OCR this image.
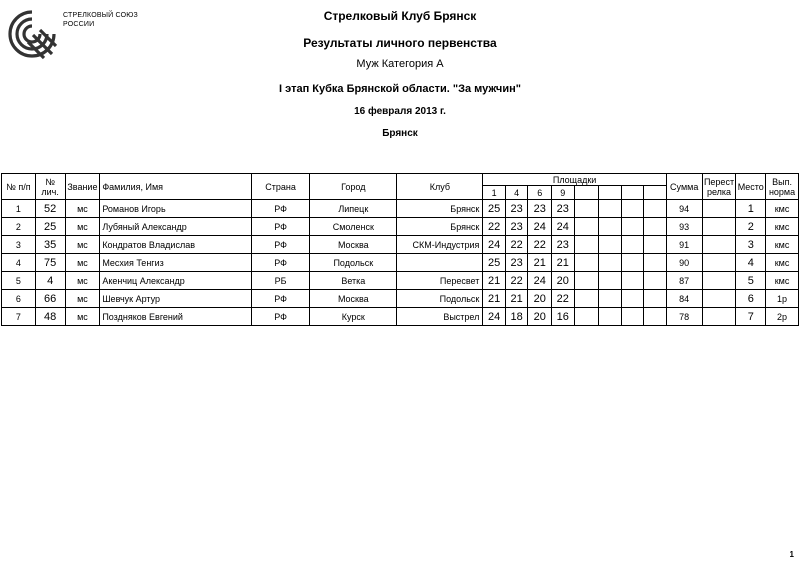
СТРЕЛКОВЫЙ СОЮЗ
РОССИИ
Стрелковый Клуб Брянск
Результаты личного первенства
Муж Категория А
I этап Кубка Брянской области. "За мужчин"
16 февраля 2013 г.
Брянск
№ п/п	№ лич.	Звание	Фамилия, Имя	Страна	Город	Клуб	Площадки								Сумма	Перест релка	Место	Вып. норма
							1	4	6	9								
1	52	мс	Романов Игорь	РФ	Липецк	Брянск	25	23	23	23					94		1	кмс
2	25	мс	Лубяный Александр	РФ	Смоленск	Брянск	22	23	24	24					93		2	кмс
3	35	мс	Кондратов Владислав	РФ	Москва	СКМ-Индустрия	24	22	22	23					91		3	кмс
4	75	мс	Месхия Тенгиз	РФ	Подольск		25	23	21	21					90		4	кмс
5	4	мс	Акенчиц Александр	РБ	Ветка	Пересвет	21	22	24	20					87		5	кмс
6	66	мс	Шевчук Артур	РФ	Москва	Подольск	21	21	20	22					84		6	1р
7	48	мс	Поздняков Евгений	РФ	Курск	Выстрел	24	18	20	16					78		7	2р
1
